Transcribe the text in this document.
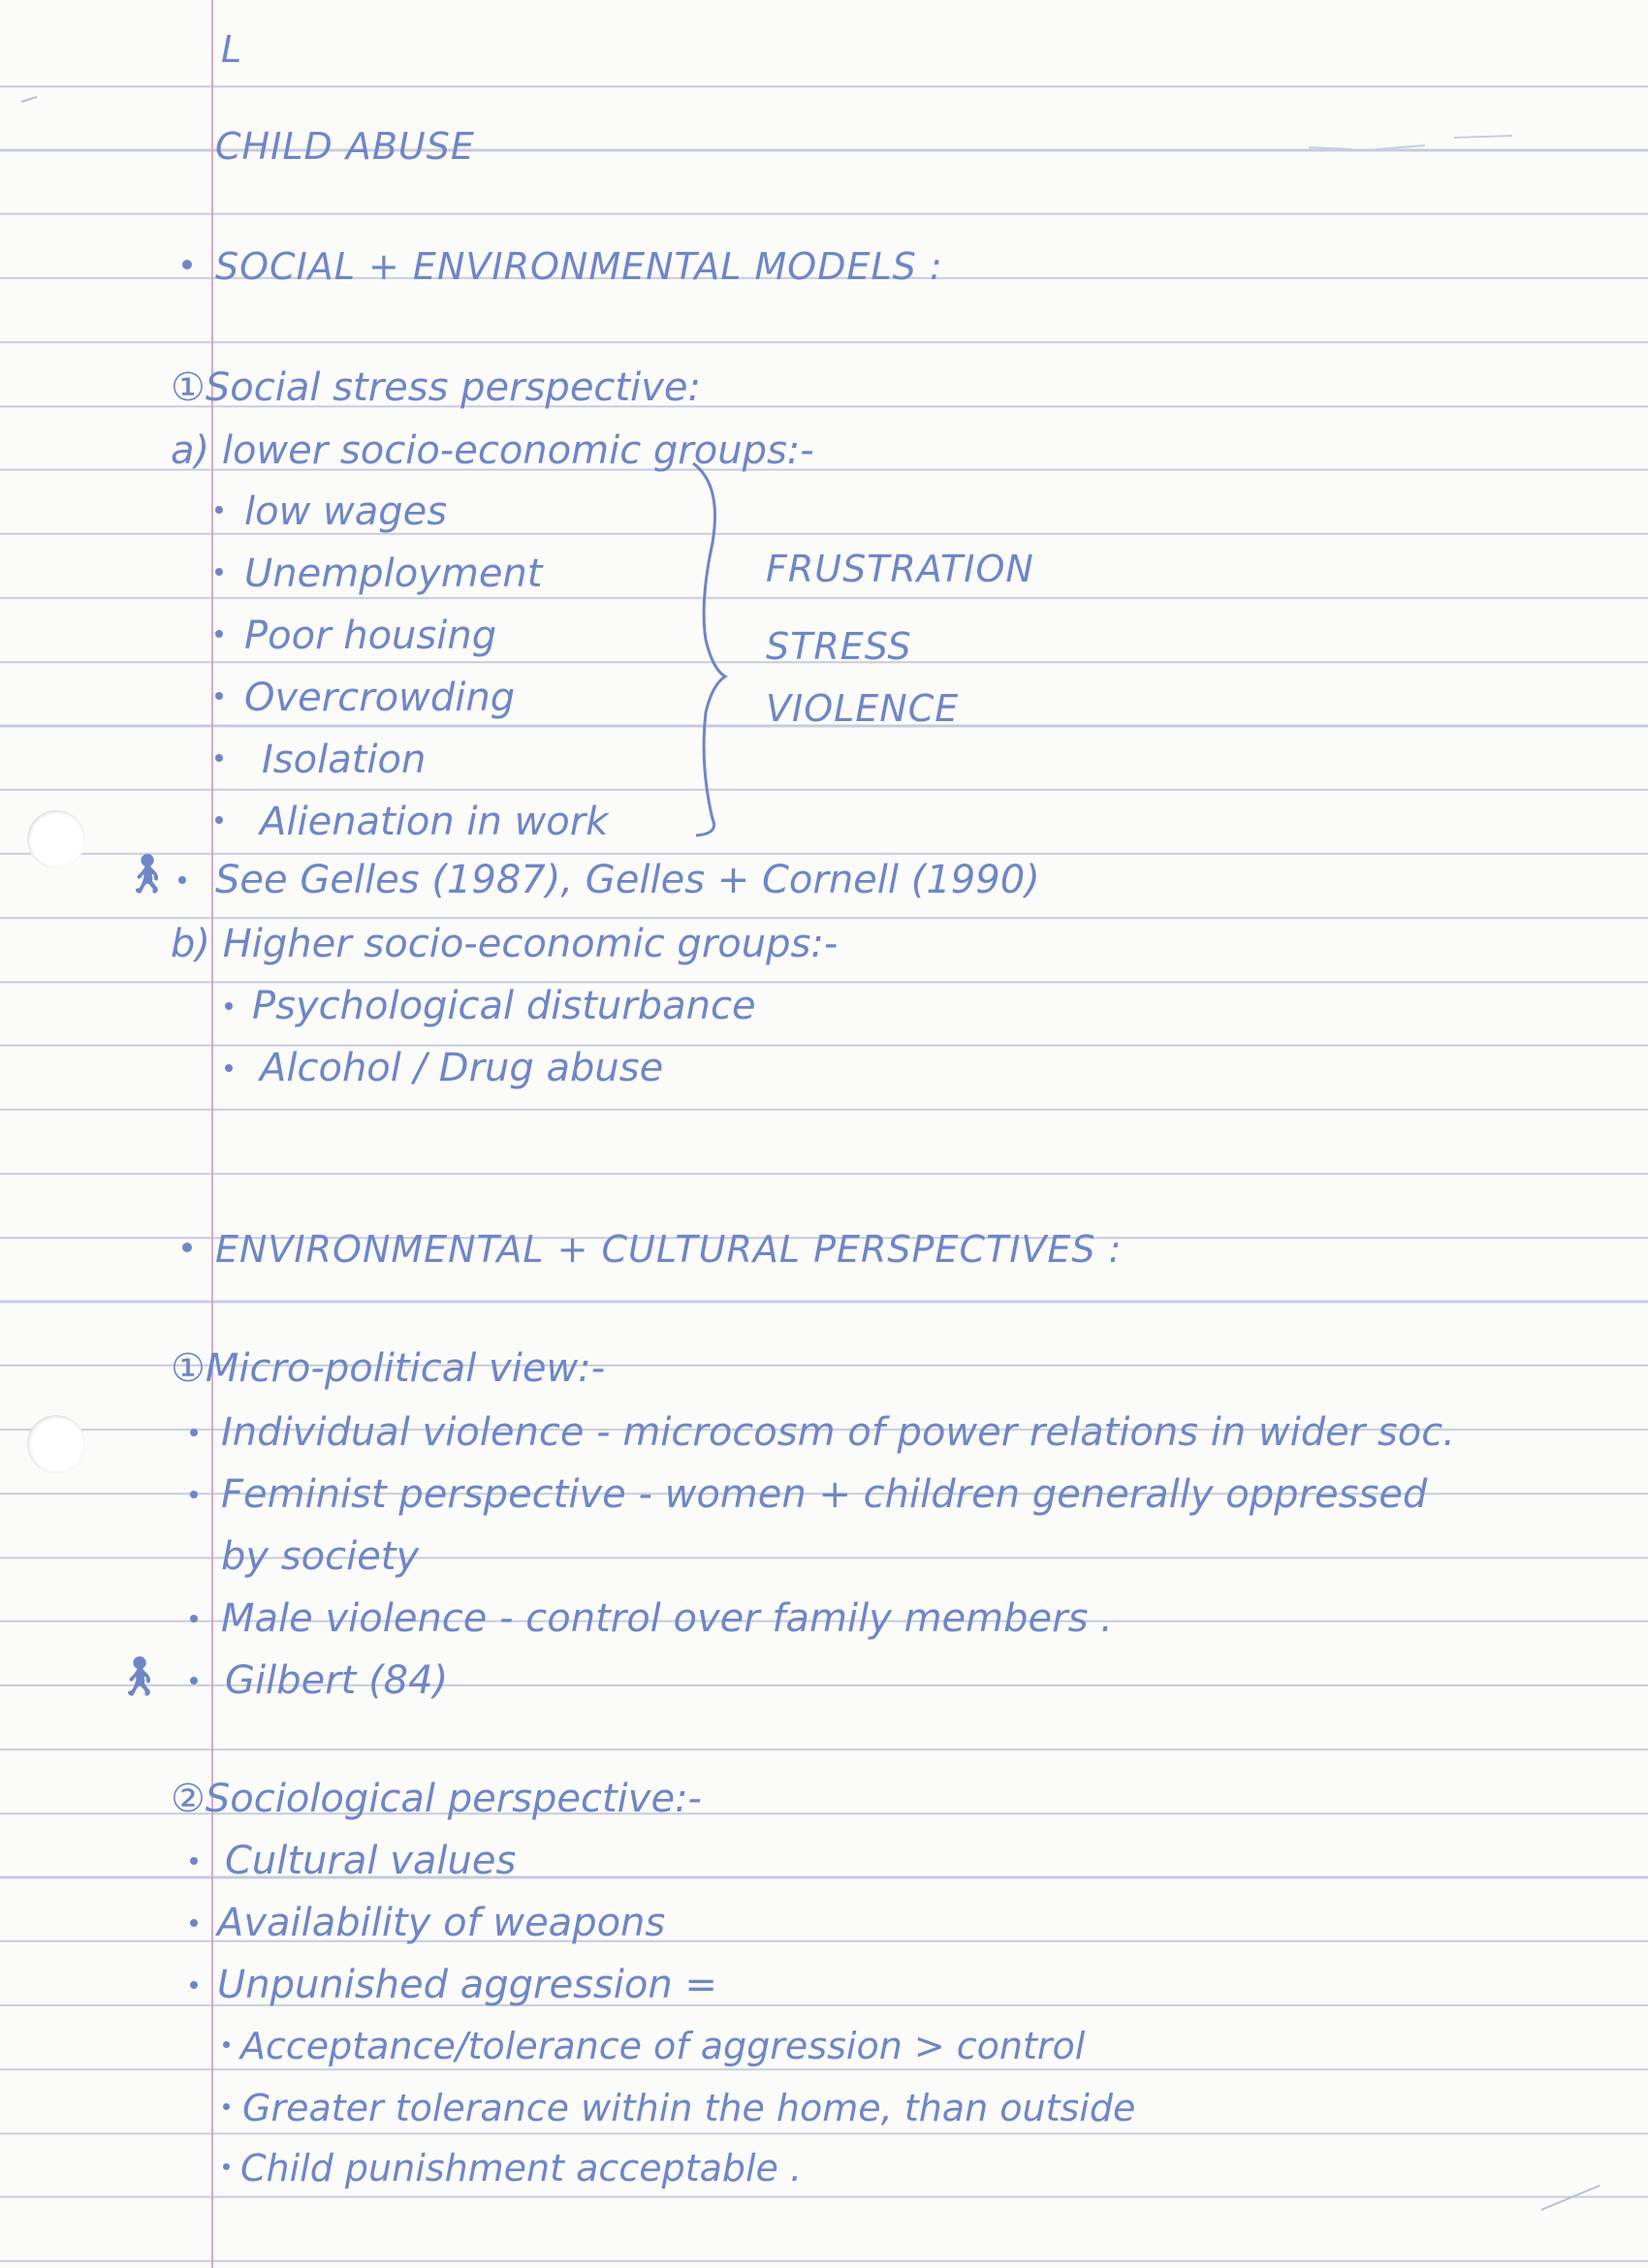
L
CHILD ABUSE
SOCIAL + ENVIRONMENTAL MODELS :
①Social stress perspective:
a) lower socio-economic groups:-
low wages
Unemployment
Poor housing
Overcrowding
Isolation
Alienation in work
FRUSTRATION
STRESS
VIOLENCE
🚶︎ See Gelles (1987), Gelles + Cornell (1990)
b) Higher socio-economic groups:-
Psychological disturbance
Alcohol / Drug abuse
ENVIRONMENTAL + CULTURAL PERSPECTIVES :
①Micro-political view:-
Individual violence - microcosm of power relations in wider soc.
Feminist perspective - women + children generally oppressed
by society
Male violence - control over family members .
🚶︎ Gilbert (84)
②Sociological perspective:-
Cultural values
Availability of weapons
Unpunished aggression =
Acceptance/tolerance of aggression > control
Greater tolerance within the home, than outside
Child punishment acceptable .
